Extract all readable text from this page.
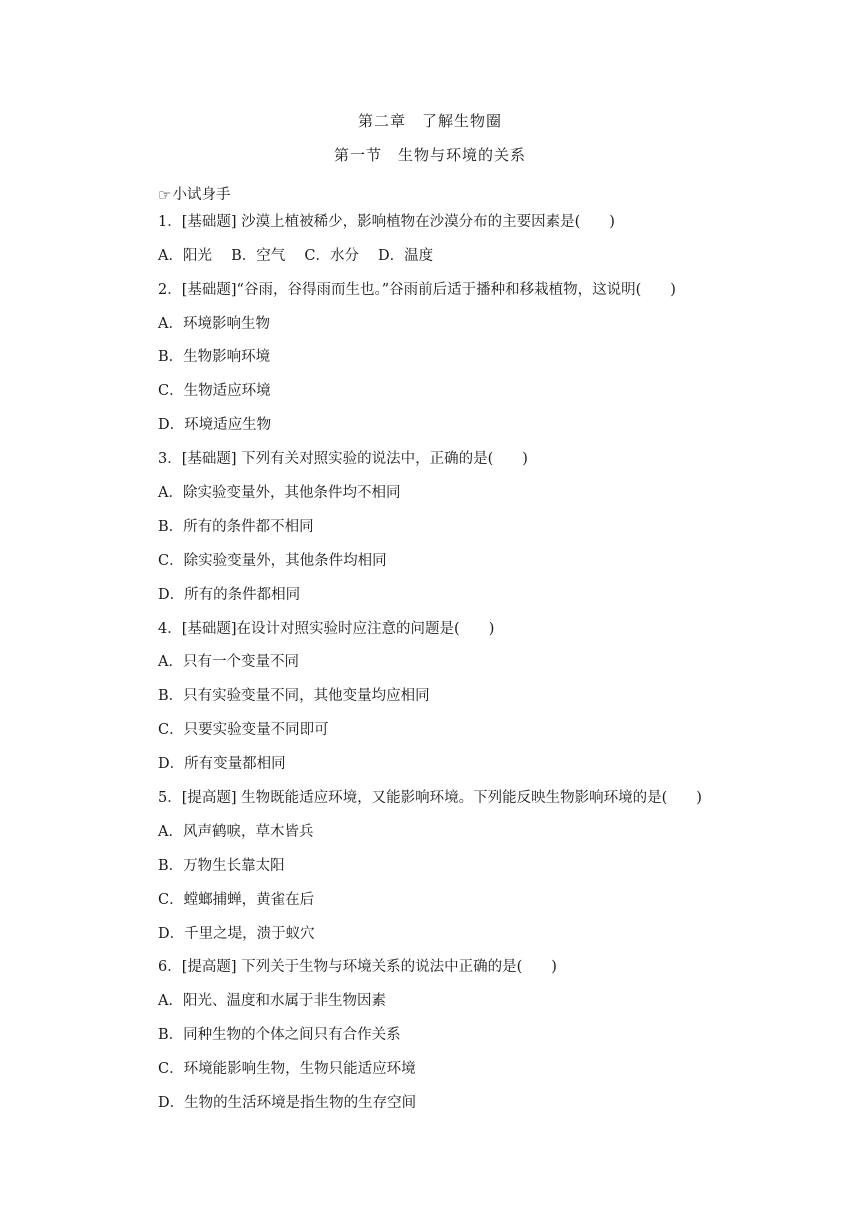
第二章　了解生物圈
第一节　生物与环境的关系
☞ 小试身手
1．[基础题] 沙漠上植被稀少，影响植物在沙漠分布的主要因素是(　　)
A．阳光　 B．空气　 C．水分　 D．温度
2．[基础题]“谷雨，谷得雨而生也。”谷雨前后适于播种和移栽植物，这说明(　　)
A．环境影响生物
B．生物影响环境
C．生物适应环境
D．环境适应生物
3．[基础题] 下列有关对照实验的说法中，正确的是(　　)
A．除实验变量外，其他条件均不相同
B．所有的条件都不相同
C．除实验变量外，其他条件均相同
D．所有的条件都相同
4．[基础题]在设计对照实验时应注意的问题是(　　)
A．只有一个变量不同
B．只有实验变量不同，其他变量均应相同
C．只要实验变量不同即可
D．所有变量都相同
5．[提高题] 生物既能适应环境，又能影响环境。下列能反映生物影响环境的是(　　)
A．风声鹤唳，草木皆兵
B．万物生长靠太阳
C．螳螂捕蝉，黄雀在后
D．千里之堤，溃于蚁穴
6．[提高题] 下列关于生物与环境关系的说法中正确的是(　　)
A．阳光、温度和水属于非生物因素
B．同种生物的个体之间只有合作关系
C．环境能影响生物，生物只能适应环境
D．生物的生活环境是指生物的生存空间
